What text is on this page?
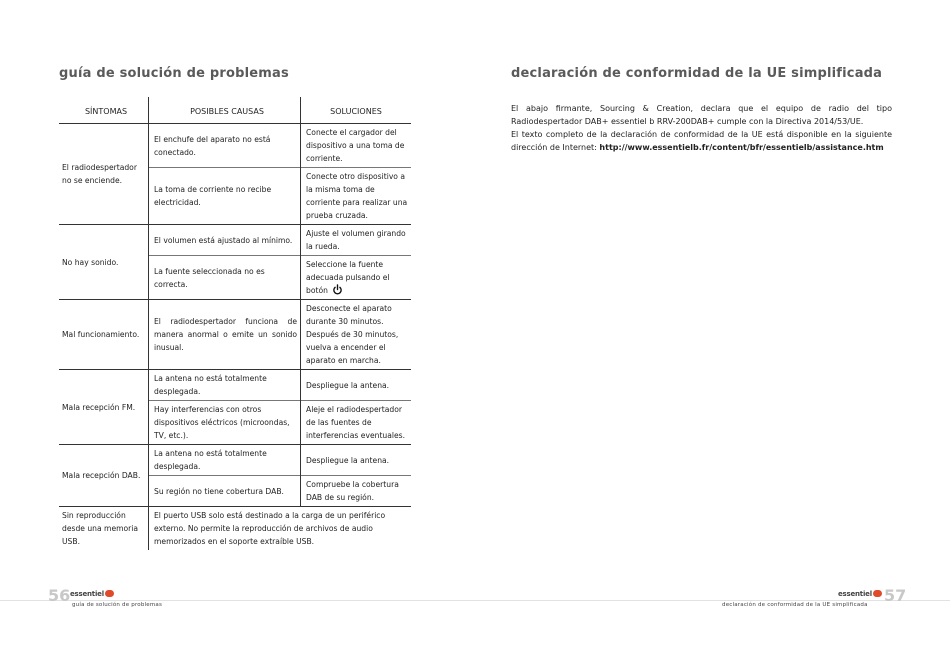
guía de solución de problemas
SÍNTOMAS	POSIBLES CAUSAS	SOLUCIONES
El radiodespertador no se enciende.	El enchufe del aparato no está conectado.	Conecte el cargador del dispositivo a una toma de corriente.
	La toma de corriente no recibe electricidad.	Conecte otro dispositivo a la misma toma de corriente para realizar una prueba cruzada.
No hay sonido.	El volumen está ajustado al mínimo.	Ajuste el volumen girando la rueda.
	La fuente seleccionada no es correcta.	Seleccione la fuente adecuada pulsando el botón
Mal funcionamiento.	El radiodespertador funciona de manera anormal o emite un sonido inusual.	Desconecte el aparato durante 30 minutos. Después de 30 minutos, vuelva a encender el aparato en marcha.
Mala recepción FM.	La antena no está totalmente desplegada.	Despliegue la antena.
	Hay interferencias con otros dispositivos eléctricos (microondas, TV, etc.).	Aleje el radiodespertador de las fuentes de interferencias eventuales.
Mala recepción DAB.	La antena no está totalmente desplegada.	Despliegue la antena.
	Su región no tiene cobertura DAB.	Compruebe la cobertura DAB de su región.
Sin reproducción desde una memoria USB.	El puerto USB solo está destinado a la carga de un periférico externo. No permite la reproducción de archivos de audio memorizados en el soporte extraíble USB.	
declaración de conformidad de la UE simplificada

El abajo firmante, Sourcing & Creation, declara que el equipo de radio del tipo Radiodespertador DAB+ essentiel b RRV-200DAB+ cumple con la Directiva 2014/53/UE.

El texto completo de la declaración de conformidad de la UE está disponible en la siguiente dirección de Internet: http://www.essentielb.fr/content/bfr/essentielb/assistance.htm

56 essentiel
guía de solución de problemas
essentiel 57
declaración de conformidad de la UE simplificada
